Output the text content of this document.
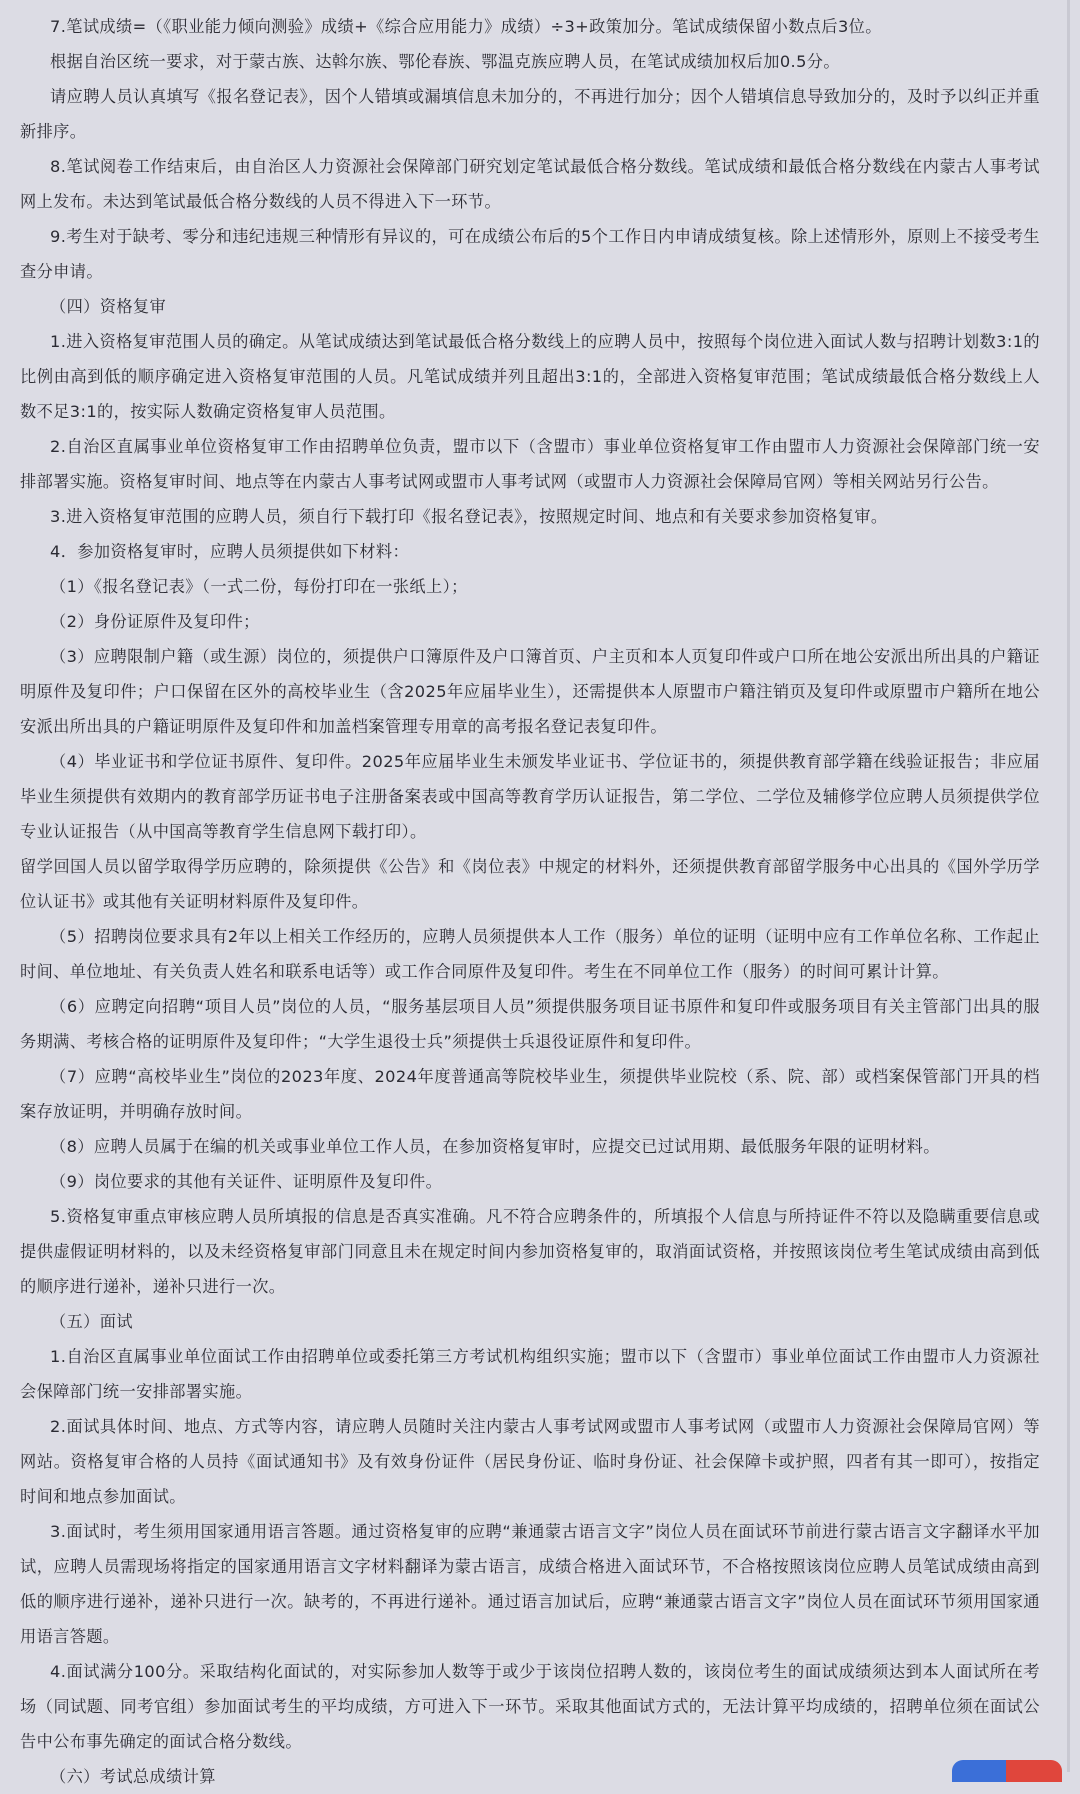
7.笔试成绩=（《职业能力倾向测验》成绩+《综合应用能力》成绩）÷3+政策加分。笔试成绩保留小数点后3位。

根据自治区统一要求，对于蒙古族、达斡尔族、鄂伦春族、鄂温克族应聘人员，在笔试成绩加权后加0.5分。

请应聘人员认真填写《报名登记表》，因个人错填或漏填信息未加分的，不再进行加分；因个人错填信息导致加分的，及时予以纠正并重新排序。

8.笔试阅卷工作结束后，由自治区人力资源社会保障部门研究划定笔试最低合格分数线。笔试成绩和最低合格分数线在内蒙古人事考试网上发布。未达到笔试最低合格分数线的人员不得进入下一环节。

9.考生对于缺考、零分和违纪违规三种情形有异议的，可在成绩公布后的5个工作日内申请成绩复核。除上述情形外，原则上不接受考生查分申请。

（四）资格复审

1.进入资格复审范围人员的确定。从笔试成绩达到笔试最低合格分数线上的应聘人员中，按照每个岗位进入面试人数与招聘计划数3:1的比例由高到低的顺序确定进入资格复审范围的人员。凡笔试成绩并列且超出3:1的，全部进入资格复审范围；笔试成绩最低合格分数线上人数不足3:1的，按实际人数确定资格复审人员范围。

2.自治区直属事业单位资格复审工作由招聘单位负责，盟市以下（含盟市）事业单位资格复审工作由盟市人力资源社会保障部门统一安排部署实施。资格复审时间、地点等在内蒙古人事考试网或盟市人事考试网（或盟市人力资源社会保障局官网）等相关网站另行公告。

3.进入资格复审范围的应聘人员，须自行下载打印《报名登记表》，按照规定时间、地点和有关要求参加资格复审。

4．参加资格复审时，应聘人员须提供如下材料：

（1）《报名登记表》（一式二份，每份打印在一张纸上）；

（2）身份证原件及复印件；

（3）应聘限制户籍（或生源）岗位的，须提供户口簿原件及户口簿首页、户主页和本人页复印件或户口所在地公安派出所出具的户籍证明原件及复印件；户口保留在区外的高校毕业生（含2025年应届毕业生），还需提供本人原盟市户籍注销页及复印件或原盟市户籍所在地公安派出所出具的户籍证明原件及复印件和加盖档案管理专用章的高考报名登记表复印件。

（4）毕业证书和学位证书原件、复印件。2025年应届毕业生未颁发毕业证书、学位证书的，须提供教育部学籍在线验证报告；非应届毕业生须提供有效期内的教育部学历证书电子注册备案表或中国高等教育学历认证报告，第二学位、二学位及辅修学位应聘人员须提供学位专业认证报告（从中国高等教育学生信息网下载打印）。

留学回国人员以留学取得学历应聘的，除须提供《公告》和《岗位表》中规定的材料外，还须提供教育部留学服务中心出具的《国外学历学位认证书》或其他有关证明材料原件及复印件。

（5）招聘岗位要求具有2年以上相关工作经历的，应聘人员须提供本人工作（服务）单位的证明（证明中应有工作单位名称、工作起止时间、单位地址、有关负责人姓名和联系电话等）或工作合同原件及复印件。考生在不同单位工作（服务）的时间可累计计算。

（6）应聘定向招聘“项目人员”岗位的人员，“服务基层项目人员”须提供服务项目证书原件和复印件或服务项目有关主管部门出具的服务期满、考核合格的证明原件及复印件；“大学生退役士兵”须提供士兵退役证原件和复印件。

（7）应聘“高校毕业生”岗位的2023年度、2024年度普通高等院校毕业生，须提供毕业院校（系、院、部）或档案保管部门开具的档案存放证明，并明确存放时间。

（8）应聘人员属于在编的机关或事业单位工作人员，在参加资格复审时，应提交已过试用期、最低服务年限的证明材料。

（9）岗位要求的其他有关证件、证明原件及复印件。

5.资格复审重点审核应聘人员所填报的信息是否真实准确。凡不符合应聘条件的，所填报个人信息与所持证件不符以及隐瞒重要信息或提供虚假证明材料的，以及未经资格复审部门同意且未在规定时间内参加资格复审的，取消面试资格，并按照该岗位考生笔试成绩由高到低的顺序进行递补，递补只进行一次。

（五）面试

1.自治区直属事业单位面试工作由招聘单位或委托第三方考试机构组织实施；盟市以下（含盟市）事业单位面试工作由盟市人力资源社会保障部门统一安排部署实施。

2.面试具体时间、地点、方式等内容，请应聘人员随时关注内蒙古人事考试网或盟市人事考试网（或盟市人力资源社会保障局官网）等网站。资格复审合格的人员持《面试通知书》及有效身份证件（居民身份证、临时身份证、社会保障卡或护照，四者有其一即可），按指定时间和地点参加面试。

3.面试时，考生须用国家通用语言答题。通过资格复审的应聘“兼通蒙古语言文字”岗位人员在面试环节前进行蒙古语言文字翻译水平加试，应聘人员需现场将指定的国家通用语言文字材料翻译为蒙古语言，成绩合格进入面试环节，不合格按照该岗位应聘人员笔试成绩由高到低的顺序进行递补，递补只进行一次。缺考的，不再进行递补。通过语言加试后，应聘“兼通蒙古语言文字”岗位人员在面试环节须用国家通用语言答题。

4.面试满分100分。采取结构化面试的，对实际参加人数等于或少于该岗位招聘人数的，该岗位考生的面试成绩须达到本人面试所在考场（同试题、同考官组）参加面试考生的平均成绩，方可进入下一环节。采取其他面试方式的，无法计算平均成绩的，招聘单位须在面试公告中公布事先确定的面试合格分数线。

（六）考试总成绩计算
